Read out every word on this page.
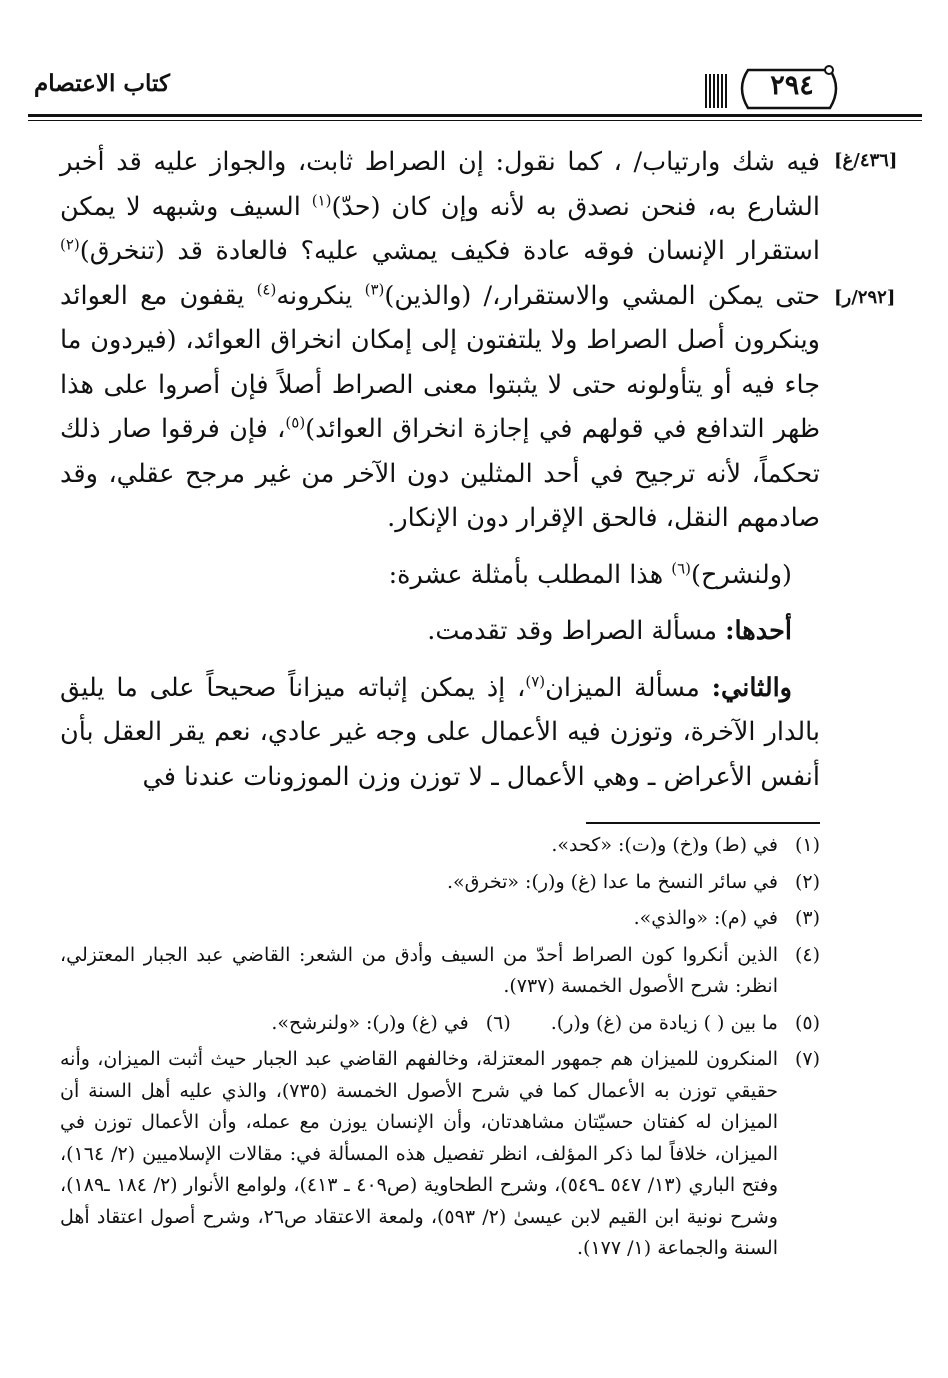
كتاب الاعتصام	٢٩٤
[٤٣٦/غ]
[٢٩٢/ر]

فيه شك وارتياب/ ، كما نقول: إن الصراط ثابت، والجواز عليه قد أخبر الشارع به، فنحن نصدق به لأنه وإن كان (حدّ)$^{(١)}$ السيف وشبهه لا يمكن استقرار الإنسان فوقه عادة فكيف يمشي عليه؟ فالعادة قد (تنخرق)$^{(٢)}$ حتى يمكن المشي والاستقرار،/ (والذين)$^{(٣)}$ ينكرونه$^{(٤)}$ يقفون مع العوائد وينكرون أصل الصراط ولا يلتفتون إلى إمكان انخراق العوائد، (فيردون ما جاء فيه أو يتأولونه حتى لا يثبتوا معنى الصراط أصلاً فإن أصروا على هذا ظهر التدافع في قولهم في إجازة انخراق العوائد)$^{(٥)}$، فإن فرقوا صار ذلك تحكماً، لأنه ترجيح في أحد المثلين دون الآخر من غير مرجح عقلي، وقد صادمهم النقل، فالحق الإقرار دون الإنكار.

(ولنشرح)$^{(٦)}$ هذا المطلب بأمثلة عشرة:

أحدها: مسألة الصراط وقد تقدمت.

والثاني: مسألة الميزان$^{(٧)}$، إذ يمكن إثباته ميزاناً صحيحاً على ما يليق بالدار الآخرة، وتوزن فيه الأعمال على وجه غير عادي، نعم يقر العقل بأن أنفس الأعراض ـ وهي الأعمال ـ لا توزن وزن الموزونات عندنا في

(١)
في (ط) و(خ) و(ت): «كحد».
(٢)
في سائر النسخ ما عدا (غ) و(ر): «تخرق».
(٣)
في (م): «والذي».
(٤)
الذين أنكروا كون الصراط أحدّ من السيف وأدق من الشعر: القاضي عبد الجبار المعتزلي، انظر: شرح الأصول الخمسة (٧٣٧).
(٥)
ما بين ( ) زيادة من (غ) و(ر).
(٦)
في (غ) و(ر): «ولنرشح».
(٧)
المنكرون للميزان هم جمهور المعتزلة، وخالفهم القاضي عبد الجبار حيث أثبت الميزان، وأنه حقيقي توزن به الأعمال كما في شرح الأصول الخمسة (٧٣٥)، والذي عليه أهل السنة أن الميزان له كفتان حسيّتان مشاهدتان، وأن الإنسان يوزن مع عمله، وأن الأعمال توزن في الميزان، خلافاً لما ذكر المؤلف، انظر تفصيل هذه المسألة في: مقالات الإسلاميين (٢/ ١٦٤)، وفتح الباري (١٣/ ٥٤٧ ـ٥٤٩)، وشرح الطحاوية (ص٤٠٩ ـ ٤١٣)، ولوامع الأنوار (٢/ ١٨٤ ـ١٨٩)، وشرح نونية ابن القيم لابن عيسىٰ (٢/ ٥٩٣)، ولمعة الاعتقاد ص٢٦، وشرح أصول اعتقاد أهل السنة والجماعة (١/ ١٧٧).
